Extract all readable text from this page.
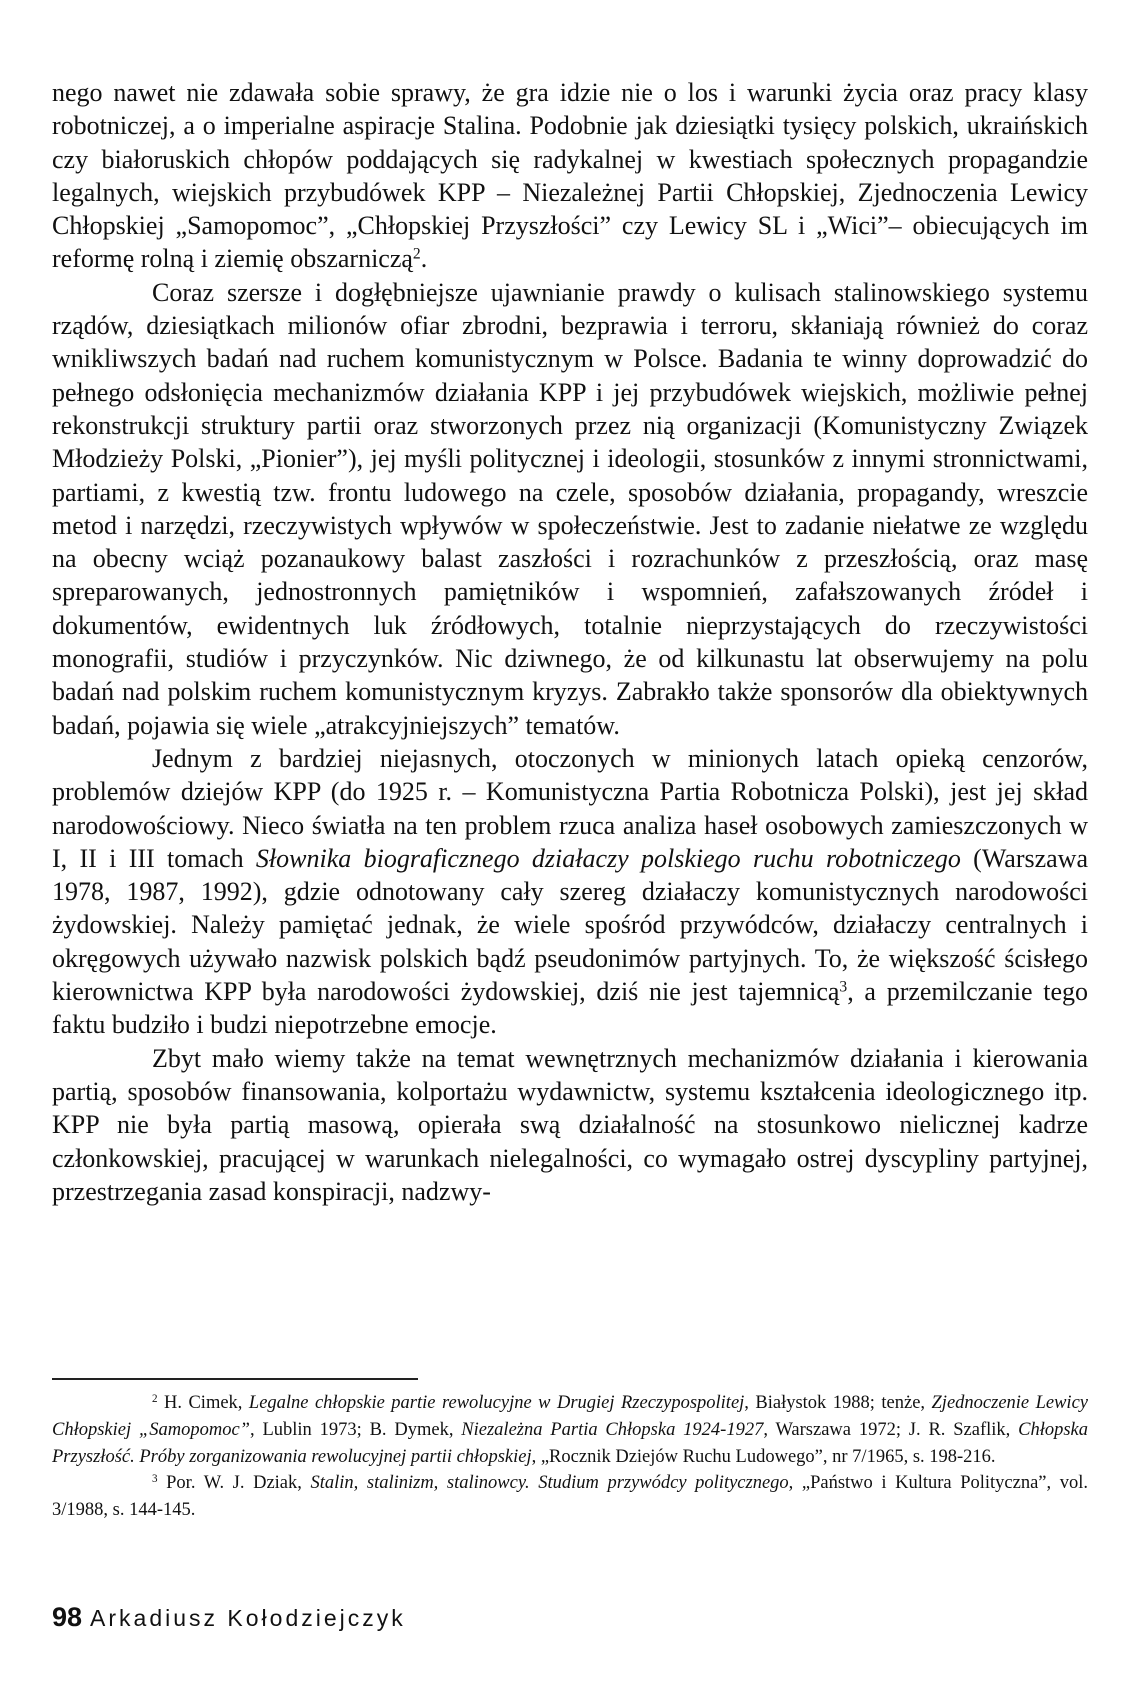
nego nawet nie zdawała sobie sprawy, że gra idzie nie o los i warunki życia oraz pracy klasy robotniczej, a o imperialne aspiracje Stalina. Podobnie jak dziesiątki tysięcy polskich, ukraińskich czy białoruskich chłopów poddających się radykalnej w kwestiach społecznych propagandzie legalnych, wiejskich przybudówek KPP – Niezależnej Partii Chłopskiej, Zjednoczenia Lewicy Chłopskiej „Samopomoc”, „Chłopskiej Przyszłości” czy Lewicy SL i „Wici”– obiecujących im reformę rolną i ziemię obszarniczą$^2$.

Coraz szersze i dogłębniejsze ujawnianie prawdy o kulisach stalinowskiego systemu rządów, dziesiątkach milionów ofiar zbrodni, bezprawia i terroru, skłaniają również do coraz wnikliwszych badań nad ruchem komunistycznym w Polsce. Badania te winny doprowadzić do pełnego odsłonięcia mechanizmów działania KPP i jej przybudówek wiejskich, możliwie pełnej rekonstrukcji struktury partii oraz stworzonych przez nią organizacji (Komunistyczny Związek Młodzieży Polski, „Pionier”), jej myśli politycznej i ideologii, stosunków z innymi stronnictwami, partiami, z kwestią tzw. frontu ludowego na czele, sposobów działania, propagandy, wreszcie metod i narzędzi, rzeczywistych wpływów w społeczeństwie. Jest to zadanie niełatwe ze względu na obecny wciąż pozanaukowy balast zaszłości i rozrachunków z przeszłością, oraz masę spreparowanych, jednostronnych pamiętników i wspomnień, zafałszowanych źródeł i dokumentów, ewidentnych luk źródłowych, totalnie nieprzystających do rzeczywistości monografii, studiów i przyczynków. Nic dziwnego, że od kilkunastu lat obserwujemy na polu badań nad polskim ruchem komunistycznym kryzys. Zabrakło także sponsorów dla obiektywnych badań, pojawia się wiele „atrakcyjniejszych” tematów.

Jednym z bardziej niejasnych, otoczonych w minionych latach opieką cenzorów, problemów dziejów KPP (do 1925 r. – Komunistyczna Partia Robotnicza Polski), jest jej skład narodowościowy. Nieco światła na ten problem rzuca analiza haseł osobowych zamieszczonych w I, II i III tomach Słownika biograficznego działaczy polskiego ruchu robotniczego (Warszawa 1978, 1987, 1992), gdzie odnotowany cały szereg działaczy komunistycznych narodowości żydowskiej. Należy pamiętać jednak, że wiele spośród przywódców, działaczy centralnych i okręgowych używało nazwisk polskich bądź pseudonimów partyjnych. To, że większość ścisłego kierownictwa KPP była narodowości żydowskiej, dziś nie jest tajemnicą$^3$, a przemilczanie tego faktu budziło i budzi niepotrzebne emocje.

Zbyt mało wiemy także na temat wewnętrznych mechanizmów działania i kierowania partią, sposobów finansowania, kolportażu wydawnictw, systemu kształcenia ideologicznego itp. KPP nie była partią masową, opierała swą działalność na stosunkowo nielicznej kadrze członkowskiej, pracującej w warunkach nielegalności, co wymagało ostrej dyscypliny partyjnej, przestrzegania zasad konspiracji, nadzwy-

$^2$ H. Cimek, Legalne chłopskie partie rewolucyjne w Drugiej Rzeczypospolitej, Białystok 1988; tenże, Zjednoczenie Lewicy Chłopskiej „Samopomoc”, Lublin 1973; B. Dymek, Niezależna Partia Chłopska 1924-1927, Warszawa 1972; J. R. Szaflik, Chłopska Przyszłość. Próby zorganizowania rewolucyjnej partii chłopskiej, „Rocznik Dziejów Ruchu Ludowego”, nr 7/1965, s. 198-216.

$^3$ Por. W. J. Dziak, Stalin, stalinizm, stalinowcy. Studium przywódcy politycznego, „Państwo i Kultura Polityczna”, vol. 3/1988, s. 144-145.

98 Arkadiusz Kołodziejczyk
